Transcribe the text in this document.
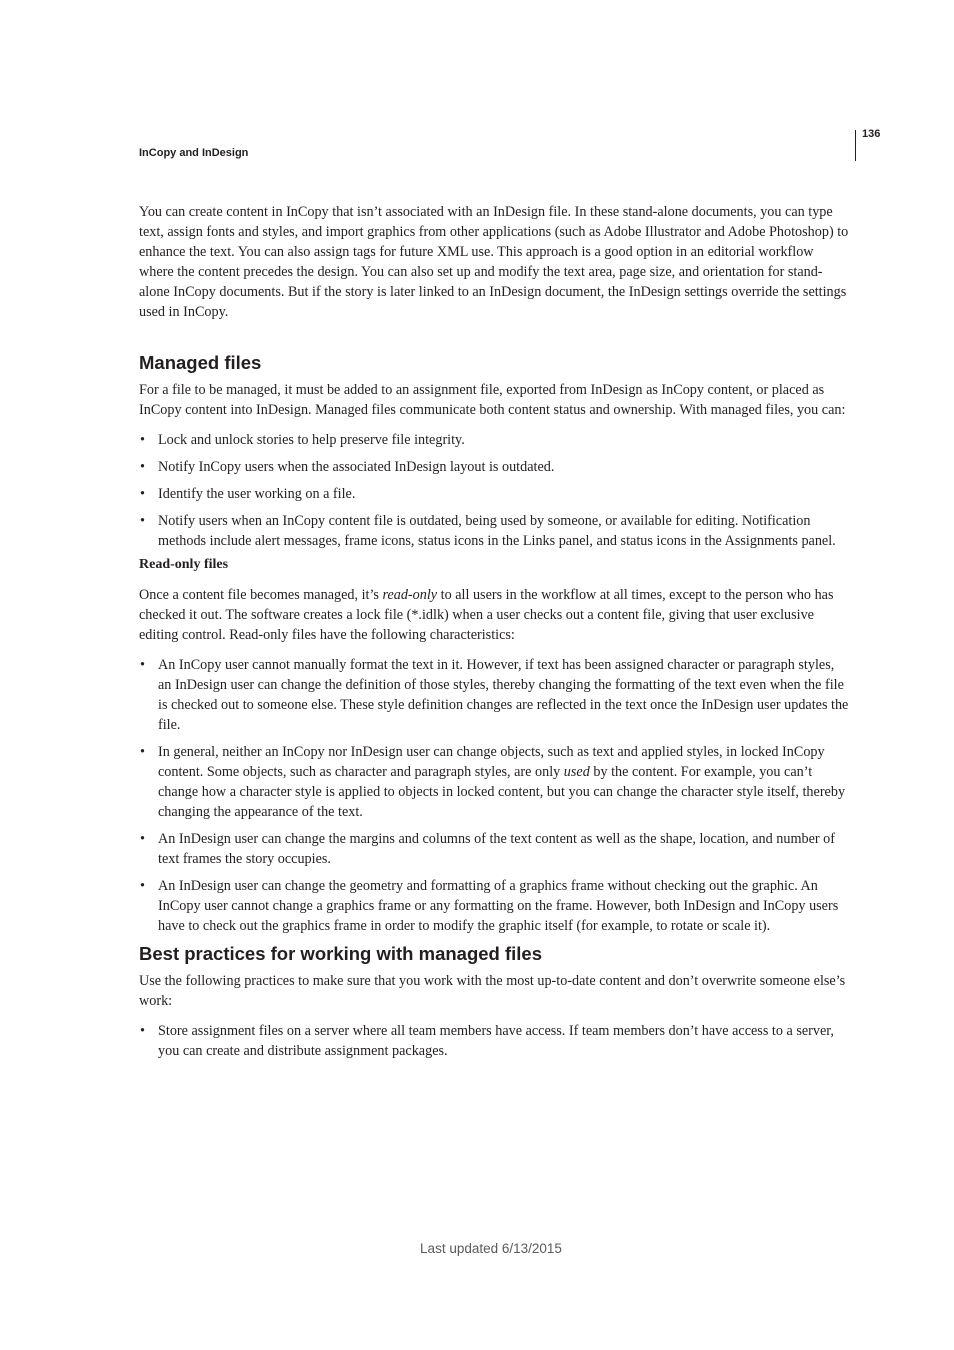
136
InCopy and InDesign

You can create content in InCopy that isn’t associated with an InDesign file. In these stand-alone documents, you can type text, assign fonts and styles, and import graphics from other applications (such as Adobe Illustrator and Adobe Photoshop) to enhance the text. You can also assign tags for future XML use. This approach is a good option in an editorial workflow where the content precedes the design. You can also set up and modify the text area, page size, and orientation for stand-alone InCopy documents. But if the story is later linked to an InDesign document, the InDesign settings override the settings used in InCopy.

Managed files

For a file to be managed, it must be added to an assignment file, exported from InDesign as InCopy content, or placed as InCopy content into InDesign. Managed files communicate both content status and ownership. With managed files, you can:

• Lock and unlock stories to help preserve file integrity.
• Notify InCopy users when the associated InDesign layout is outdated.
• Identify the user working on a file.
• Notify users when an InCopy content file is outdated, being used by someone, or available for editing. Notification methods include alert messages, frame icons, status icons in the Links panel, and status icons in the Assignments panel.

Read-only files

Once a content file becomes managed, it’s read-only to all users in the workflow at all times, except to the person who has checked it out. The software creates a lock file (*.idlk) when a user checks out a content file, giving that user exclusive editing control. Read-only files have the following characteristics:

• An InCopy user cannot manually format the text in it. However, if text has been assigned character or paragraph styles, an InDesign user can change the definition of those styles, thereby changing the formatting of the text even when the file is checked out to someone else. These style definition changes are reflected in the text once the InDesign user updates the file.
• In general, neither an InCopy nor InDesign user can change objects, such as text and applied styles, in locked InCopy content. Some objects, such as character and paragraph styles, are only used by the content. For example, you can’t change how a character style is applied to objects in locked content, but you can change the character style itself, thereby changing the appearance of the text.
• An InDesign user can change the margins and columns of the text content as well as the shape, location, and number of text frames the story occupies.
• An InDesign user can change the geometry and formatting of a graphics frame without checking out the graphic. An InCopy user cannot change a graphics frame or any formatting on the frame. However, both InDesign and InCopy users have to check out the graphics frame in order to modify the graphic itself (for example, to rotate or scale it).
Best practices for working with managed files

Use the following practices to make sure that you work with the most up-to-date content and don’t overwrite someone else’s work:

• Store assignment files on a server where all team members have access. If team members don’t have access to a server, you can create and distribute assignment packages.
Last updated 6/13/2015
